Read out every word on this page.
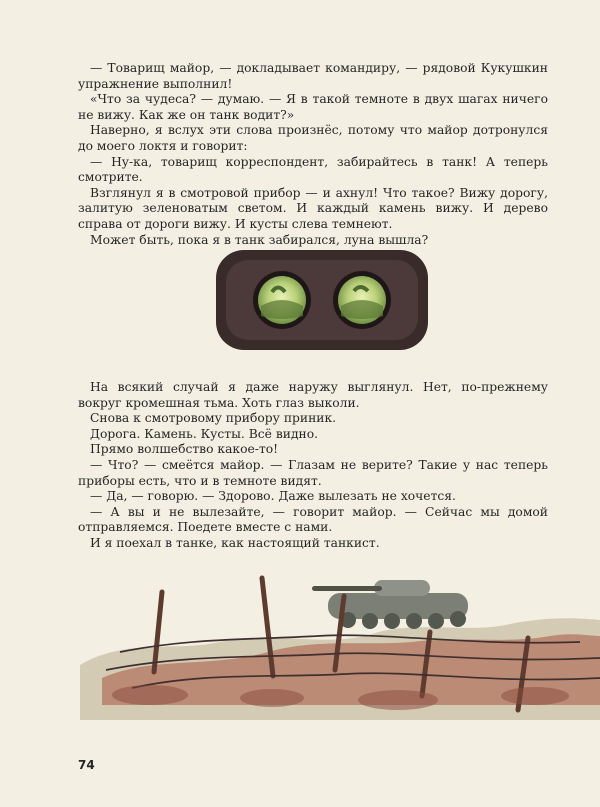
— Товарищ майор, — докладывает командиру, — рядовой Кукушкин упражнение выполнил!

«Что за чудеса? — думаю. — Я в такой темноте в двух шагах ничего не вижу. Как же он танк водит?»

Наверно, я вслух эти слова произнёс, потому что майор дотронулся до моего локтя и говорит:

— Ну-ка, товарищ корреспондент, забирайтесь в танк! А теперь смотрите.

Взглянул я в смотровой прибор — и ахнул! Что такое? Вижу дорогу, залитую зеленоватым светом. И каждый камень вижу. И дерево справа от дороги вижу. И кусты слева темнеют.

Может быть, пока я в танк забирался, луна вышла?

На всякий случай я даже наружу выглянул. Нет, по-прежнему вокруг кромешная тьма. Хоть глаз выколи.

Снова к смотровому прибору приник.

Дорога. Камень. Кусты. Всё видно.

Прямо волшебство какое-то!

— Что? — смеётся майор. — Глазам не верите? Такие у нас теперь приборы есть, что и в темноте видят.

— Да, — говорю. — Здорово. Даже вылезать не хочется.

— А вы и не вылезайте, — говорит майор. — Сейчас мы домой отправляемся. Поедете вместе с нами.

И я поехал в танке, как настоящий танкист.

74
